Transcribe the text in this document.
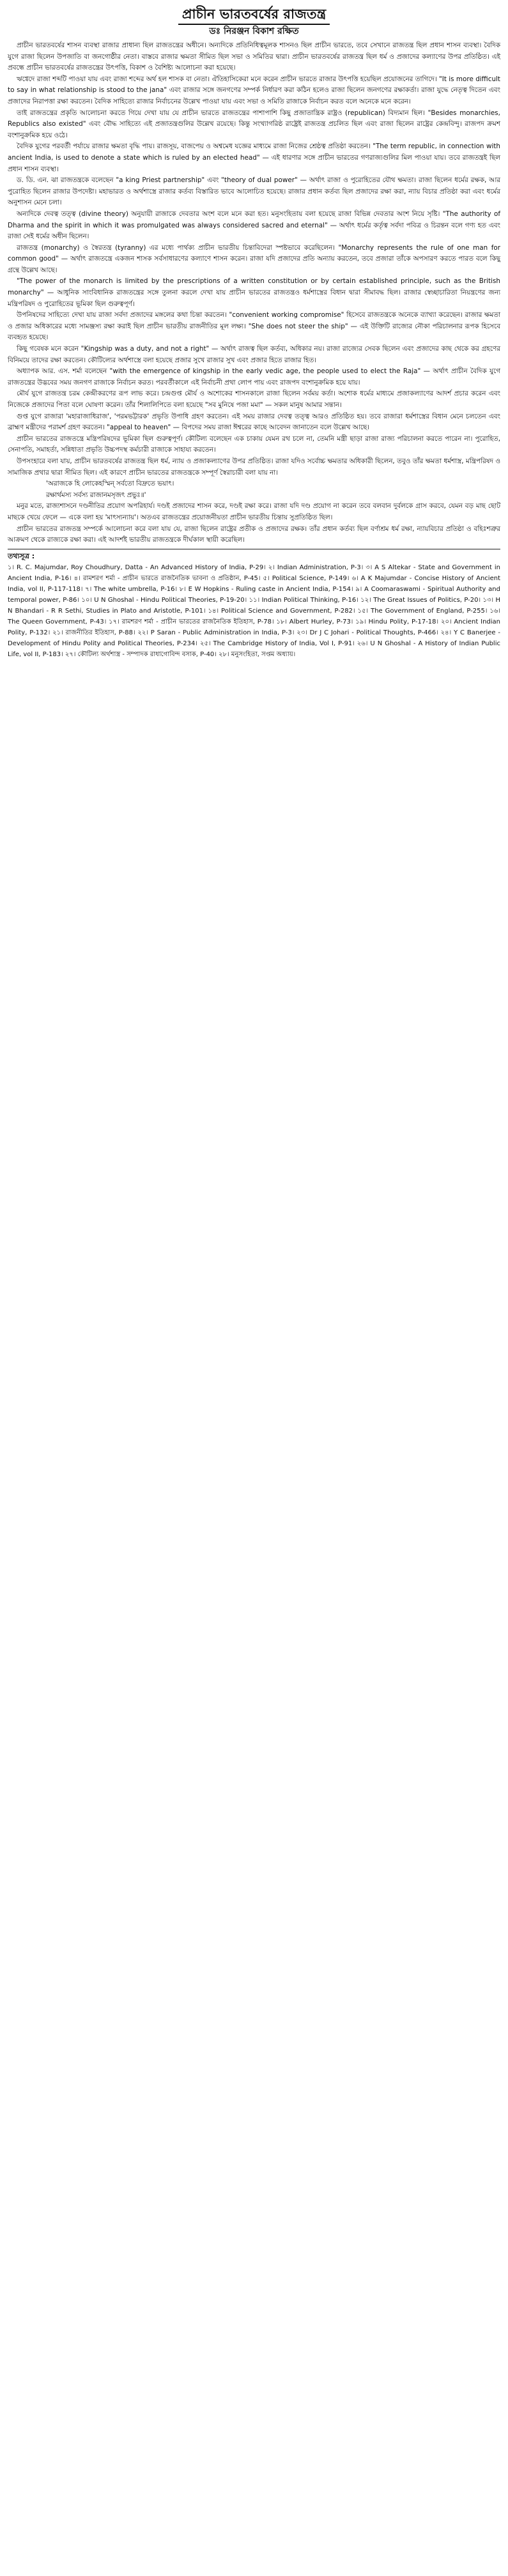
প্রাচীন ভারতবর্ষের রাজতন্ত্র
ডঃ নিরঞ্জন বিকাশ রক্ষিত

প্রাচীন ভারতবর্ষের শাসন ব্যবস্থা রাজার প্রাধান্য ছিল রাজতন্ত্রের অধীনে। অন্যদিকে প্রতিনিধিত্বমূলক শাসনও ছিল প্রাচীন ভারতে, তবে সেখানে রাজতন্ত্র ছিল প্রধান শাসন ব্যবস্থা। বৈদিক যুগে রাজা ছিলেন উপজাতি বা জনগোষ্ঠীর নেতা। বাস্তবে রাজার ক্ষমতা সীমিত ছিল সভা ও সমিতির দ্বারা। প্রাচীন ভারতবর্ষের রাজতন্ত্র ছিল ধর্ম ও প্রজাদের কল্যাণের উপর প্রতিষ্ঠিত। এই প্রবন্ধে প্রাচীন ভারতবর্ষের রাজতন্ত্রের উৎপত্তি, বিকাশ ও বৈশিষ্ট্য আলোচনা করা হয়েছে।

ঋগ্বেদে রাজা শব্দটি পাওয়া যায় এবং রাজা শব্দের অর্থ হল শাসক বা নেতা। ঐতিহাসিকেরা মনে করেন প্রাচীন ভারতে রাজার উৎপত্তি হয়েছিল প্রয়োজনের তাগিদে। "It is more difficult to say in what relationship is stood to the jana" এবং রাজার সঙ্গে জনগণের সম্পর্ক নির্ধারণ করা কঠিন হলেও রাজা ছিলেন জনগণের রক্ষাকর্তা। রাজা যুদ্ধে নেতৃত্ব দিতেন এবং প্রজাদের নিরাপত্তা রক্ষা করতেন। বৈদিক সাহিত্যে রাজার নির্বাচনের উল্লেখ পাওয়া যায় এবং সভা ও সমিতি রাজাকে নির্বাচন করত বলে অনেকে মনে করেন।

তাই রাজতন্ত্রের প্রকৃতি আলোচনা করতে গিয়ে দেখা যায় যে প্রাচীন ভারতে রাজতন্ত্রের পাশাপাশি কিছু প্রজাতান্ত্রিক রাষ্ট্রও (republican) বিদ্যমান ছিল। "Besides monarchies, Republics also existed" এবং বৌদ্ধ সাহিত্যে এই প্রজাতন্ত্রগুলির উল্লেখ রয়েছে। কিন্তু সংখ্যাগরিষ্ঠ রাষ্ট্রেই রাজতন্ত্র প্রচলিত ছিল এবং রাজা ছিলেন রাষ্ট্রের কেন্দ্রবিন্দু। রাজপদ ক্রমশ বংশানুক্রমিক হয়ে ওঠে।

বৈদিক যুগের পরবর্তী পর্যায়ে রাজার ক্ষমতা বৃদ্ধি পায়। রাজসূয়, বাজপেয় ও অশ্বমেধ যজ্ঞের মাধ্যমে রাজা নিজের শ্রেষ্ঠত্ব প্রতিষ্ঠা করতেন। "The term republic, in connection with ancient India, is used to denote a state which is ruled by an elected head" — এই ধারণার সঙ্গে প্রাচীন ভারতের গণরাজ্যগুলির মিল পাওয়া যায়। তবে রাজতন্ত্রই ছিল প্রধান শাসন ব্যবস্থা।

ড. ডি. এন. ঝা রাজতন্ত্রকে বলেছেন "a king Priest partnership" এবং "theory of dual power" — অর্থাৎ রাজা ও পুরোহিতের যৌথ ক্ষমতা। রাজা ছিলেন ধর্মের রক্ষক, আর পুরোহিত ছিলেন রাজার উপদেষ্টা। মহাভারত ও অর্থশাস্ত্রে রাজার কর্তব্য বিস্তারিত ভাবে আলোচিত হয়েছে। রাজার প্রধান কর্তব্য ছিল প্রজাদের রক্ষা করা, ন্যায় বিচার প্রতিষ্ঠা করা এবং ধর্মের অনুশাসন মেনে চলা।

অন্যদিকে দেবত্ব তত্ত্ব (divine theory) অনুযায়ী রাজাকে দেবতার অংশ বলে মনে করা হত। মনুসংহিতায় বলা হয়েছে রাজা বিভিন্ন দেবতার অংশ নিয়ে সৃষ্টি। "The authority of Dharma and the spirit in which it was promulgated was always considered sacred and eternal" — অর্থাৎ ধর্মের কর্তৃত্ব সর্বদা পবিত্র ও চিরন্তন বলে গণ্য হত এবং রাজা সেই ধর্মের অধীন ছিলেন।

রাজতন্ত্র (monarchy) ও স্বৈরতন্ত্র (tyranny) এর মধ্যে পার্থক্য প্রাচীন ভারতীয় চিন্তাবিদেরা স্পষ্টভাবে করেছিলেন। "Monarchy represents the rule of one man for common good" — অর্থাৎ রাজতন্ত্রে একজন শাসক সর্বসাধারণের কল্যাণে শাসন করেন। রাজা যদি প্রজাদের প্রতি অন্যায় করতেন, তবে প্রজারা তাঁকে অপসারণ করতে পারত বলে কিছু গ্রন্থে উল্লেখ আছে।

"The power of the monarch is limited by the prescriptions of a written constitution or by certain established principle, such as the British monarchy" — আধুনিক সাংবিধানিক রাজতন্ত্রের সঙ্গে তুলনা করলে দেখা যায় প্রাচীন ভারতের রাজতন্ত্রও ধর্মশাস্ত্রের বিধান দ্বারা সীমাবদ্ধ ছিল। রাজার স্বেচ্ছাচারিতা নিয়ন্ত্রণের জন্য মন্ত্রিপরিষদ ও পুরোহিতের ভূমিকা ছিল গুরুত্বপূর্ণ।

উপনিষদের সাহিত্যে দেখা যায় রাজা সর্বদা প্রজাদের মঙ্গলের কথা চিন্তা করতেন। "convenient working compromise" হিসেবে রাজতন্ত্রকে অনেকে ব্যাখ্যা করেছেন। রাজার ক্ষমতা ও প্রজার অধিকারের মধ্যে সামঞ্জস্য রক্ষা করাই ছিল প্রাচীন ভারতীয় রাজনীতির মূল লক্ষ্য। "She does not steer the ship" — এই উক্তিটি রাজ্যের নৌকা পরিচালনার রূপক হিসেবে ব্যবহৃত হয়েছে।

কিছু গবেষক মনে করেন "Kingship was a duty, and not a right" — অর্থাৎ রাজত্ব ছিল কর্তব্য, অধিকার নয়। রাজা রাজ্যের সেবক ছিলেন এবং প্রজাদের কাছ থেকে কর গ্রহণের বিনিময়ে তাদের রক্ষা করতেন। কৌটিল্যের অর্থশাস্ত্রে বলা হয়েছে প্রজার সুখে রাজার সুখ এবং প্রজার হিতে রাজার হিত।

অধ্যাপক আর. এস. শর্মা বলেছেন "with the emergence of kingship in the early vedic age, the people used to elect the Raja" — অর্থাৎ প্রাচীন বৈদিক যুগে রাজতন্ত্রের উদ্ভবের সময় জনগণ রাজাকে নির্বাচন করত। পরবর্তীকালে এই নির্বাচনী প্রথা লোপ পায় এবং রাজপদ বংশানুক্রমিক হয়ে যায়।

মৌর্য যুগে রাজতন্ত্র চরম কেন্দ্রীকরণের রূপ লাভ করে। চন্দ্রগুপ্ত মৌর্য ও অশোকের শাসনকালে রাজা ছিলেন সর্বময় কর্তা। অশোক ধর্মের মাধ্যমে প্রজাকল্যাণের আদর্শ প্রচার করেন এবং নিজেকে প্রজাদের পিতা বলে ঘোষণা করেন। তাঁর শিলালিপিতে বলা হয়েছে "সব মুনিষে পজা মমা" — সকল মানুষ আমার সন্তান।

গুপ্ত যুগে রাজারা 'মহারাজাধিরাজ', 'পরমভট্টারক' প্রভৃতি উপাধি গ্রহণ করতেন। এই সময় রাজার দেবত্ব তত্ত্ব আরও প্রতিষ্ঠিত হয়। তবে রাজারা ধর্মশাস্ত্রের বিধান মেনে চলতেন এবং ব্রাহ্মণ মন্ত্রীদের পরামর্শ গ্রহণ করতেন। "appeal to heaven" — বিপদের সময় রাজা ঈশ্বরের কাছে আবেদন জানাতেন বলে উল্লেখ আছে।

প্রাচীন ভারতের রাজতন্ত্রে মন্ত্রিপরিষদের ভূমিকা ছিল গুরুত্বপূর্ণ। কৌটিল্য বলেছেন এক চাকায় যেমন রথ চলে না, তেমনি মন্ত্রী ছাড়া রাজা রাজ্য পরিচালনা করতে পারেন না। পুরোহিত, সেনাপতি, সমাহর্তা, সন্নিধাতা প্রভৃতি উচ্চপদস্থ কর্মচারী রাজাকে সাহায্য করতেন।

উপসংহারে বলা যায়, প্রাচীন ভারতবর্ষের রাজতন্ত্র ছিল ধর্ম, ন্যায় ও প্রজাকল্যাণের উপর প্রতিষ্ঠিত। রাজা যদিও সর্বোচ্চ ক্ষমতার অধিকারী ছিলেন, তবুও তাঁর ক্ষমতা ধর্মশাস্ত্র, মন্ত্রিপরিষদ ও সামাজিক প্রথার দ্বারা সীমিত ছিল। এই কারণে প্রাচীন ভারতের রাজতন্ত্রকে সম্পূর্ণ স্বৈরাচারী বলা যায় না।

'অরাজকে হি লোকেহস্মিন্ সর্বতো বিদ্রুতে ভয়াৎ।
রক্ষার্থমস্য সর্বস্য রাজানমসৃজৎ প্রভুঃ॥'

মনুর মতে, রাজ্যশাসনে দণ্ডনীতির প্রয়োগ অপরিহার্য। দণ্ডই প্রজাদের শাসন করে, দণ্ডই রক্ষা করে। রাজা যদি দণ্ড প্রয়োগ না করেন তবে বলবান দুর্বলকে গ্রাস করবে, যেমন বড় মাছ ছোট মাছকে খেয়ে ফেলে — একে বলা হয় 'মাৎস্যন্যায়'। অতএব রাজতন্ত্রের প্রয়োজনীয়তা প্রাচীন ভারতীয় চিন্তায় সুপ্রতিষ্ঠিত ছিল।

প্রাচীন ভারতের রাজতন্ত্র সম্পর্কে আলোচনা করে বলা যায় যে, রাজা ছিলেন রাষ্ট্রের প্রতীক ও প্রজাদের রক্ষক। তাঁর প্রধান কর্তব্য ছিল বর্ণাশ্রম ধর্ম রক্ষা, ন্যায়বিচার প্রতিষ্ঠা ও বহিঃশত্রুর আক্রমণ থেকে রাজ্যকে রক্ষা করা। এই আদর্শই ভারতীয় রাজতন্ত্রকে দীর্ঘকাল স্থায়ী করেছিল।

তথ্যসূত্র :

১। R. C. Majumdar, Roy Choudhury, Datta - An Advanced History of India, P-29। ২। Indian Administration, P-3। ৩। A S Altekar - State and Government in Ancient India, P-16। ৪। রামশরণ শর্মা - প্রাচীন ভারতে রাজনৈতিক ভাবনা ও প্রতিষ্ঠান, P-45। ৫। Political Science, P-149। ৬। A K Majumdar - Concise History of Ancient India, vol II, P-117-118। ৭। The white umbrella, P-16। ৮। E W Hopkins - Ruling caste in Ancient India, P-154। ৯। A Coomaraswami - Spiritual Authority and temporal power, P-86। ১০। U N Ghoshal - Hindu Political Theories, P-19-20। ১১। Indian Political Thinking, P-16। ১২। The Great Issues of Politics, P-20। ১৩। H N Bhandari - R R Sethi, Studies in Plato and Aristotle, P-101। ১৪। Political Science and Government, P-282। ১৫। The Government of England, P-255। ১৬। The Queen Government, P-43। ১৭। রামশরণ শর্মা - প্রাচীন ভারতের রাজনৈতিক ইতিহাস, P-78। ১৮। Albert Hurley, P-73। ১৯। Hindu Polity, P-17-18। ২০। Ancient Indian Polity, P-132। ২১। রাজনীতির ইতিহাস, P-88। ২২। P Saran - Public Administration in India, P-3। ২৩। Dr J C Johari - Political Thoughts, P-466। ২৪। Y C Banerjee - Development of Hindu Polity and Political Theories, P-234। ২৫। The Cambridge History of India, Vol I, P-91। ২৬। U N Ghoshal - A History of Indian Public Life, vol II, P-183। ২৭। কৌটিল্য অর্থশাস্ত্র - সম্পাদক রাধাগোবিন্দ বসাক, P-40। ২৮। মনুসংহিতা, সপ্তম অধ্যায়।
